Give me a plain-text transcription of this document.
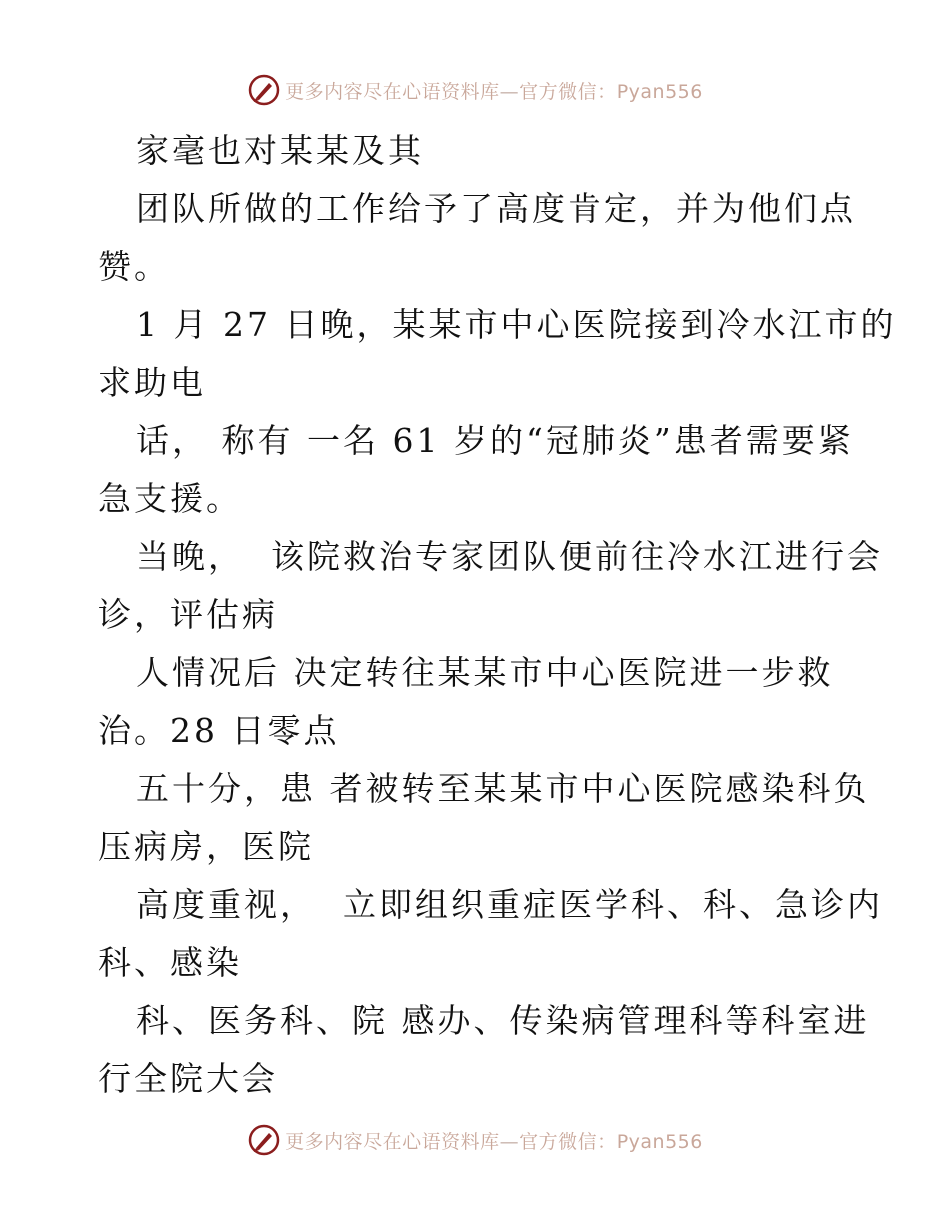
更多内容尽在心语资料库—官方微信：Pyan556
家毫也对某某及其
团队所做的工作给予了高度肯定，并为他们点
赞。
1 月 27 日晚，某某市中心医院接到冷水江市的
求助电
话， 称有 一名 61 岁的“冠肺炎”患者需要紧
急支援。
当晚，  该院救治专家团队便前往冷水江进行会
诊，评估病
人情况后 决定转往某某市中心医院进一步救
治。28 日零点
五十分，患 者被转至某某市中心医院感染科负
压病房，医院
高度重视，  立即组织重症医学科、科、急诊内
科、感染
科、医务科、院 感办、传染病管理科等科室进
行全院大会
更多内容尽在心语资料库—官方微信：Pyan556
